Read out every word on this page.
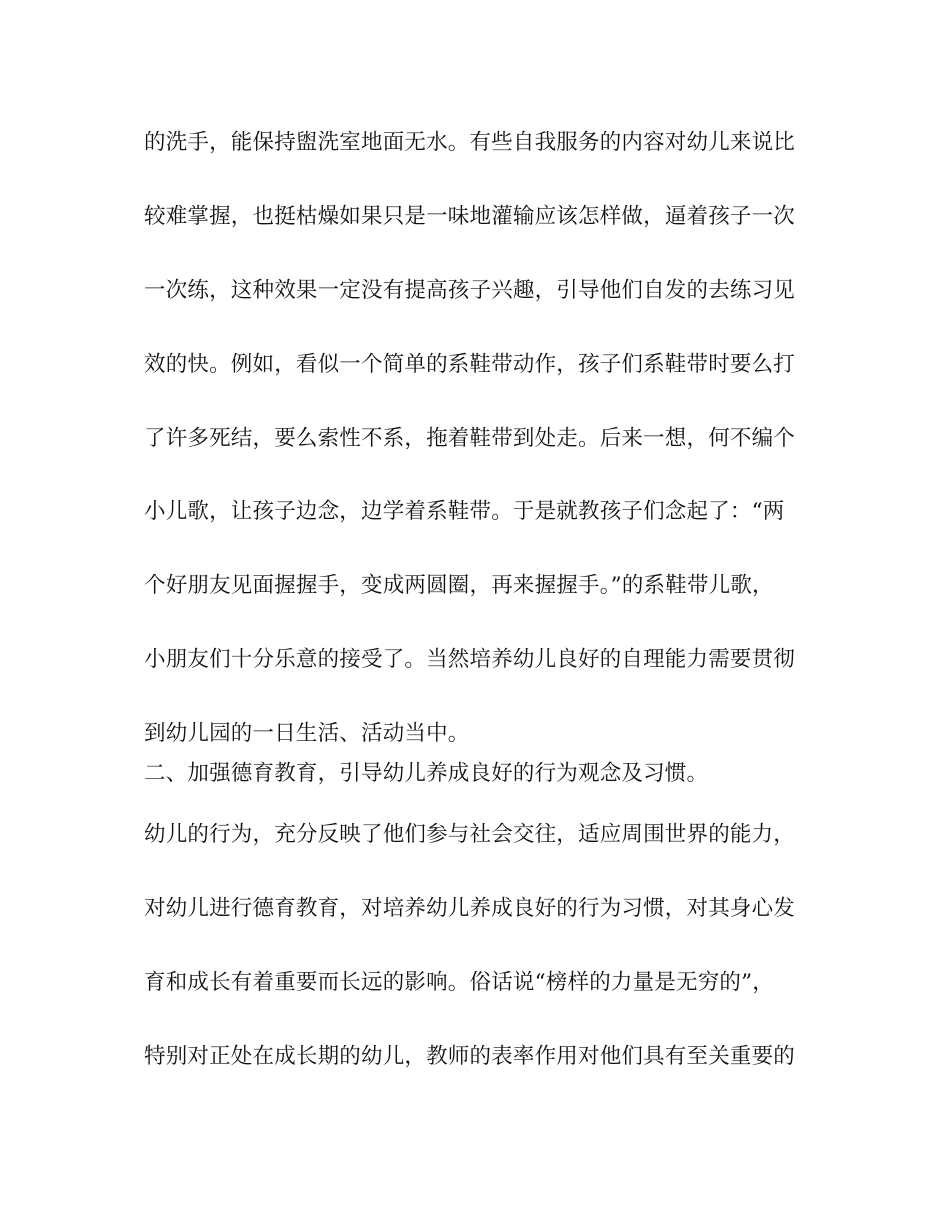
的洗手，能保持盥洗室地面无水。有些自我服务的内容对幼儿来说比
较难掌握，也挺枯燥如果只是一味地灌输应该怎样做，逼着孩子一次
一次练，这种效果一定没有提高孩子兴趣，引导他们自发的去练习见
效的快。例如，看似一个简单的系鞋带动作，孩子们系鞋带时要么打
了许多死结，要么索性不系，拖着鞋带到处走。后来一想，何不编个
小儿歌，让孩子边念，边学着系鞋带。于是就教孩子们念起了：“两
个好朋友见面握握手，变成两圆圈，再来握握手。”的系鞋带儿歌，
小朋友们十分乐意的接受了。当然培养幼儿良好的自理能力需要贯彻
到幼儿园的一日生活、活动当中。
二、加强德育教育，引导幼儿养成良好的行为观念及习惯。
幼儿的行为，充分反映了他们参与社会交往，适应周围世界的能力，
对幼儿进行德育教育，对培养幼儿养成良好的行为习惯，对其身心发
育和成长有着重要而长远的影响。俗话说“榜样的力量是无穷的”，
特别对正处在成长期的幼儿，教师的表率作用对他们具有至关重要的
